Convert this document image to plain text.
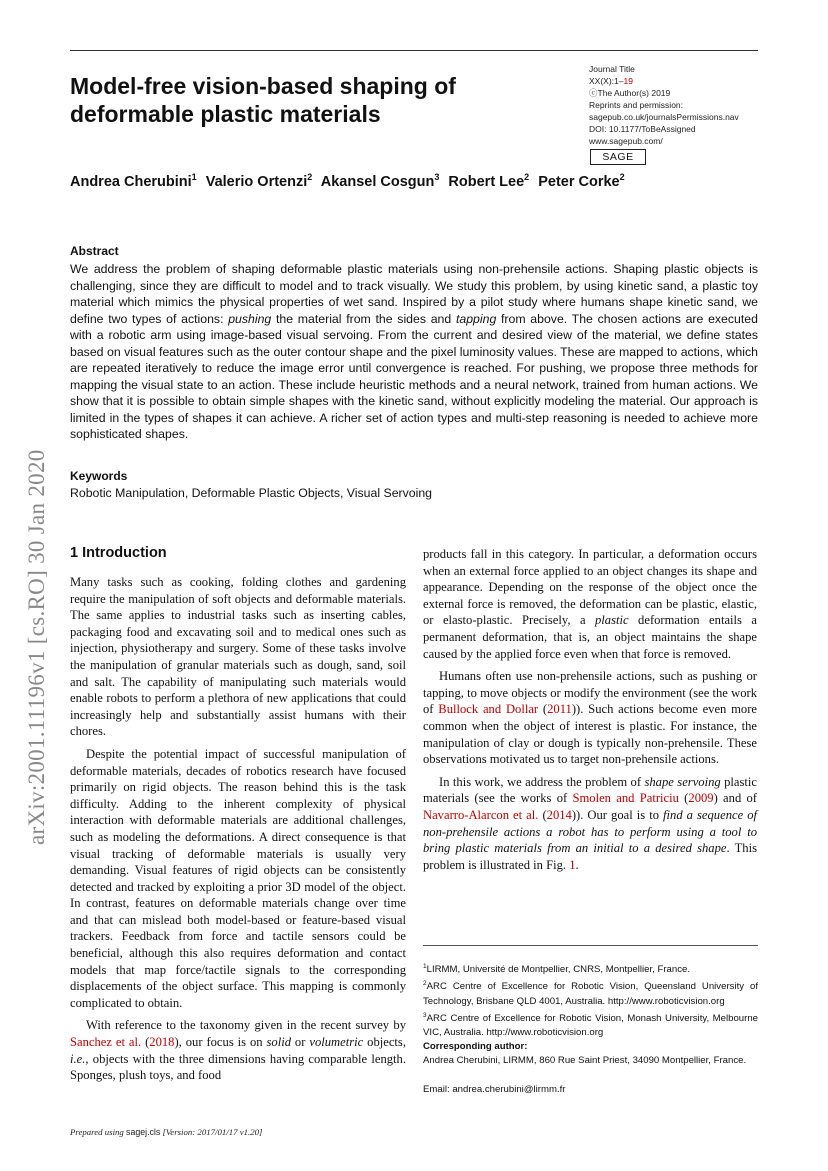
Model-free vision-based shaping of deformable plastic materials
Journal Title
XX(X):1–19
ⓒThe Author(s) 2019
Reprints and permission:
sagepub.co.uk/journalsPermissions.nav
DOI: 10.1177/ToBeAssigned
www.sagepub.com/
SAGE
Andrea Cherubini$^1$ Valerio Ortenzi$^2$ Akansel Cosgun$^3$ Robert Lee$^2$ Peter Corke$^2$
Abstract
We address the problem of shaping deformable plastic materials using non-prehensile actions. Shaping plastic objects is challenging, since they are difficult to model and to track visually. We study this problem, by using kinetic sand, a plastic toy material which mimics the physical properties of wet sand. Inspired by a pilot study where humans shape kinetic sand, we define two types of actions: pushing the material from the sides and tapping from above. The chosen actions are executed with a robotic arm using image-based visual servoing. From the current and desired view of the material, we define states based on visual features such as the outer contour shape and the pixel luminosity values. These are mapped to actions, which are repeated iteratively to reduce the image error until convergence is reached. For pushing, we propose three methods for mapping the visual state to an action. These include heuristic methods and a neural network, trained from human actions. We show that it is possible to obtain simple shapes with the kinetic sand, without explicitly modeling the material. Our approach is limited in the types of shapes it can achieve. A richer set of action types and multi-step reasoning is needed to achieve more sophisticated shapes.
Keywords
Robotic Manipulation, Deformable Plastic Objects, Visual Servoing
arXiv:2001.11196v1 [cs.RO] 30 Jan 2020 1 Introduction

Many tasks such as cooking, folding clothes and gardening require the manipulation of soft objects and deformable materials. The same applies to industrial tasks such as inserting cables, packaging food and excavating soil and to medical ones such as injection, physiotherapy and surgery. Some of these tasks involve the manipulation of granular materials such as dough, sand, soil and salt. The capability of manipulating such materials would enable robots to perform a plethora of new applications that could increasingly help and substantially assist humans with their chores.

Despite the potential impact of successful manipulation of deformable materials, decades of robotics research have focused primarily on rigid objects. The reason behind this is the task difficulty. Adding to the inherent complexity of physical interaction with deformable materials are additional challenges, such as modeling the deformations. A direct consequence is that visual tracking of deformable materials is usually very demanding. Visual features of rigid objects can be consistently detected and tracked by exploiting a prior 3D model of the object. In contrast, features on deformable materials change over time and that can mislead both model-based or feature-based visual trackers. Feedback from force and tactile sensors could be beneficial, although this also requires deformation and contact models that map force/tactile signals to the corresponding displacements of the object surface. This mapping is commonly complicated to obtain.

With reference to the taxonomy given in the recent survey by Sanchez et al. (2018), our focus is on solid or volumetric objects, i.e., objects with the three dimensions having comparable length. Sponges, plush toys, and food

products fall in this category. In particular, a deformation occurs when an external force applied to an object changes its shape and appearance. Depending on the response of the object once the external force is removed, the deformation can be plastic, elastic, or elasto-plastic. Precisely, a plastic deformation entails a permanent deformation, that is, an object maintains the shape caused by the applied force even when that force is removed.

Humans often use non-prehensile actions, such as pushing or tapping, to move objects or modify the environment (see the work of Bullock and Dollar (2011)). Such actions become even more common when the object of interest is plastic. For instance, the manipulation of clay or dough is typically non-prehensile. These observations motivated us to target non-prehensile actions.

In this work, we address the problem of shape servoing plastic materials (see the works of Smolen and Patriciu (2009) and of Navarro-Alarcon et al. (2014)). Our goal is to find a sequence of non-prehensile actions a robot has to perform using a tool to bring plastic materials from an initial to a desired shape. This problem is illustrated in Fig. 1.

$^1$LIRMM, Université de Montpellier, CNRS, Montpellier, France.
$^2$ARC Centre of Excellence for Robotic Vision, Queensland University of Technology, Brisbane QLD 4001, Australia. http://www.roboticvision.org
$^3$ARC Centre of Excellence for Robotic Vision, Monash University, Melbourne VIC, Australia. http://www.roboticvision.org
Corresponding author:
Andrea Cherubini, LIRMM, 860 Rue Saint Priest, 34090 Montpellier, France.
Email: andrea.cherubini@lirmm.fr
Prepared using sagej.cls [Version: 2017/01/17 v1.20]
